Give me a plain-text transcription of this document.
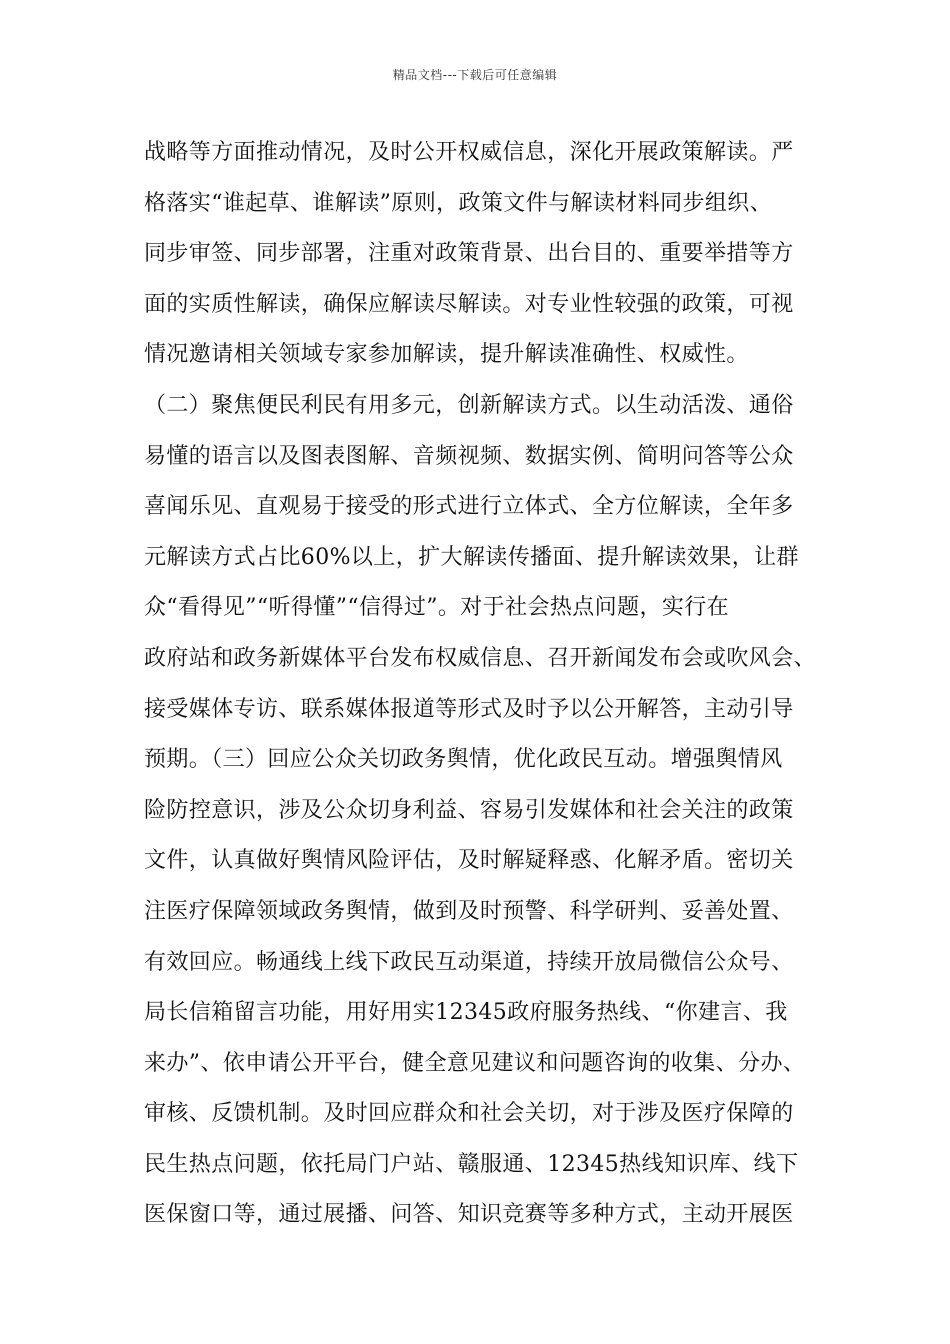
精品文档---下载后可任意编辑
战略等方面推动情况，及时公开权威信息，深化开展政策解读。严
格落实“谁起草、谁解读”原则，政策文件与解读材料同步组织、
同步审签、同步部署，注重对政策背景、出台目的、重要举措等方
面的实质性解读，确保应解读尽解读。对专业性较强的政策，可视
情况邀请相关领域专家参加解读，提升解读准确性、权威性。
（二）聚焦便民利民有用多元，创新解读方式。以生动活泼、通俗
易懂的语言以及图表图解、音频视频、数据实例、简明问答等公众
喜闻乐见、直观易于接受的形式进行立体式、全方位解读，全年多
元解读方式占比60%以上，扩大解读传播面、提升解读效果，让群
众“看得见”“听得懂”“信得过”。对于社会热点问题，实行在
政府站和政务新媒体平台发布权威信息、召开新闻发布会或吹风会、
接受媒体专访、联系媒体报道等形式及时予以公开解答，主动引导
预期。（三）回应公众关切政务舆情，优化政民互动。增强舆情风
险防控意识，涉及公众切身利益、容易引发媒体和社会关注的政策
文件，认真做好舆情风险评估，及时解疑释惑、化解矛盾。密切关
注医疗保障领域政务舆情，做到及时预警、科学研判、妥善处置、
有效回应。畅通线上线下政民互动渠道，持续开放局微信公众号、
局长信箱留言功能，用好用实12345政府服务热线、“你建言、我
来办”、依申请公开平台，健全意见建议和问题咨询的收集、分办、
审核、反馈机制。及时回应群众和社会关切，对于涉及医疗保障的
民生热点问题，依托局门户站、赣服通、12345热线知识库、线下
医保窗口等，通过展播、问答、知识竞赛等多种方式，主动开展医
